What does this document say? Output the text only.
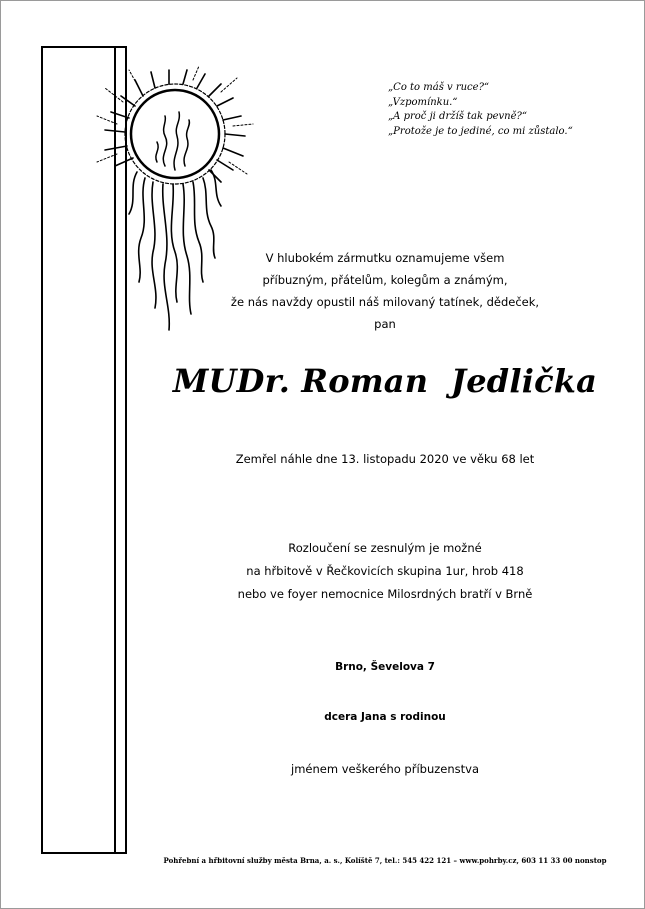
„Co to máš v ruce?“
„Vzpomínku.“
„A proč ji držíš tak pevně?“
„Protože je to jediné, co mi zůstalo.“
V hlubokém zármutku oznamujeme všem
příbuzným, přátelům, kolegům a známým,
že nás navždy opustil náš milovaný tatínek, dědeček,
pan
MUDr. Roman  Jedlička
Zemřel náhle dne 13. listopadu 2020 ve věku 68 let
Rozloučení se zesnulým je možné
na hřbitově v Řečkovicích skupina 1ur, hrob 418
nebo ve foyer nemocnice Milosrdných bratří v Brně
Brno, Ševelova 7
dcera Jana s rodinou
jménem veškerého příbuzenstva
Pohřební a hřbitovní služby města Brna, a. s., Kolíště 7, tel.: 545 422 121 – www.pohrby.cz, 603 11 33 00 nonstop
